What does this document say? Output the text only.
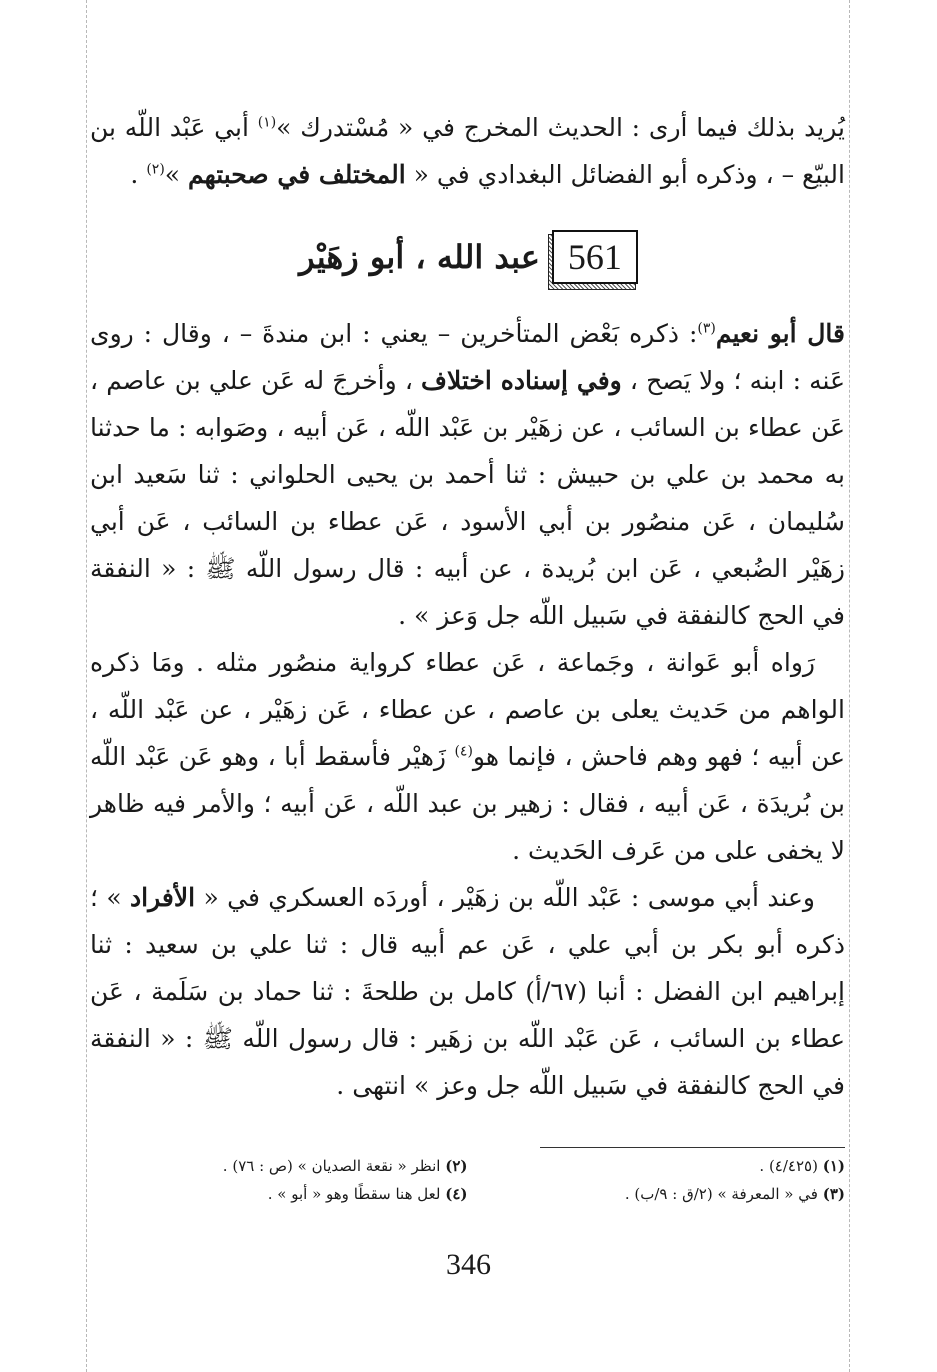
يُريد بذلك فيما أرى : الحديث المخرج في « مُسْتدرك »$^{(١)}$ أبي عَبْد اللّه بن البيّع – ، وذكره أبو الفضائل البغدادي في « المختلف في صحبتهم »$^{(٢)}$ .

561
عبد الله ، أبو زهَيْر

قال أبو نعيم$^{(٣)}$: ذكره بَعْض المتأخرين – يعني : ابن مندةَ – ، وقال : روى عَنه : ابنه ؛ ولا يَصح ، وفي إسناده اختلاف ، وأخرجَ له عَن علي بن عاصم ، عَن عطاء بن السائب ، عن زهَيْر بن عَبْد اللّه ، عَن أبيه ، وصَوابه : ما حدثنا به محمد بن علي بن حبيش : ثنا أحمد بن يحيى الحلواني : ثنا سَعيد ابن سُليمان ، عَن منصُور بن أبي الأسود ، عَن عطاء بن السائب ، عَن أبي زهَيْر الضُبعي ، عَن ابن بُريدة ، عن أبيه : قال رسول اللّه ﷺ : « النفقة في الحج كالنفقة في سَبيل اللّه جل وَعز » .

رَواه أبو عَوانة ، وجَماعة ، عَن عطاء كرواية منصُور مثله . ومَا ذكره الواهم من حَديث يعلى بن عاصم ، عن عطاء ، عَن زهَيْر ، عن عَبْد اللّه ، عن أبيه ؛ فهو وهم فاحش ، فإنما هو$^{(٤)}$ زَهيْر فأسقط أبا ، وهو عَن عَبْد اللّه بن بُريدَة ، عَن أبيه ، فقال : زهير بن عبد اللّه ، عَن أبيه ؛ والأمر فيه ظاهر لا يخفى على من عَرف الحَديث .

وعند أبي موسى : عَبْد اللّه بن زهَيْر ، أوردَه العسكري في « الأفراد » ؛ ذكره أبو بكر بن أبي علي ، عَن عم أبيه قال : ثنا علي بن سعيد : ثنا إبراهيم ابن الفضل : أنبا (٦٧/أ) كامل بن طلحةَ : ثنا حماد بن سَلَمة ، عَن عطاء بن السائب ، عَن عَبْد اللّه بن زهَير : قال رسول اللّه ﷺ : « النفقة في الحج كالنفقة في سَبيل اللّه جل وعز » انتهى .

(١) (٤/٤٢٥) .
(٢) انظر « نقعة الصديان » (ص : ٧٦) .
(٣) في « المعرفة » (٢/ق : ٩/ب) .
(٤) لعل هنا سقطًا وهو « أبو » .
346
